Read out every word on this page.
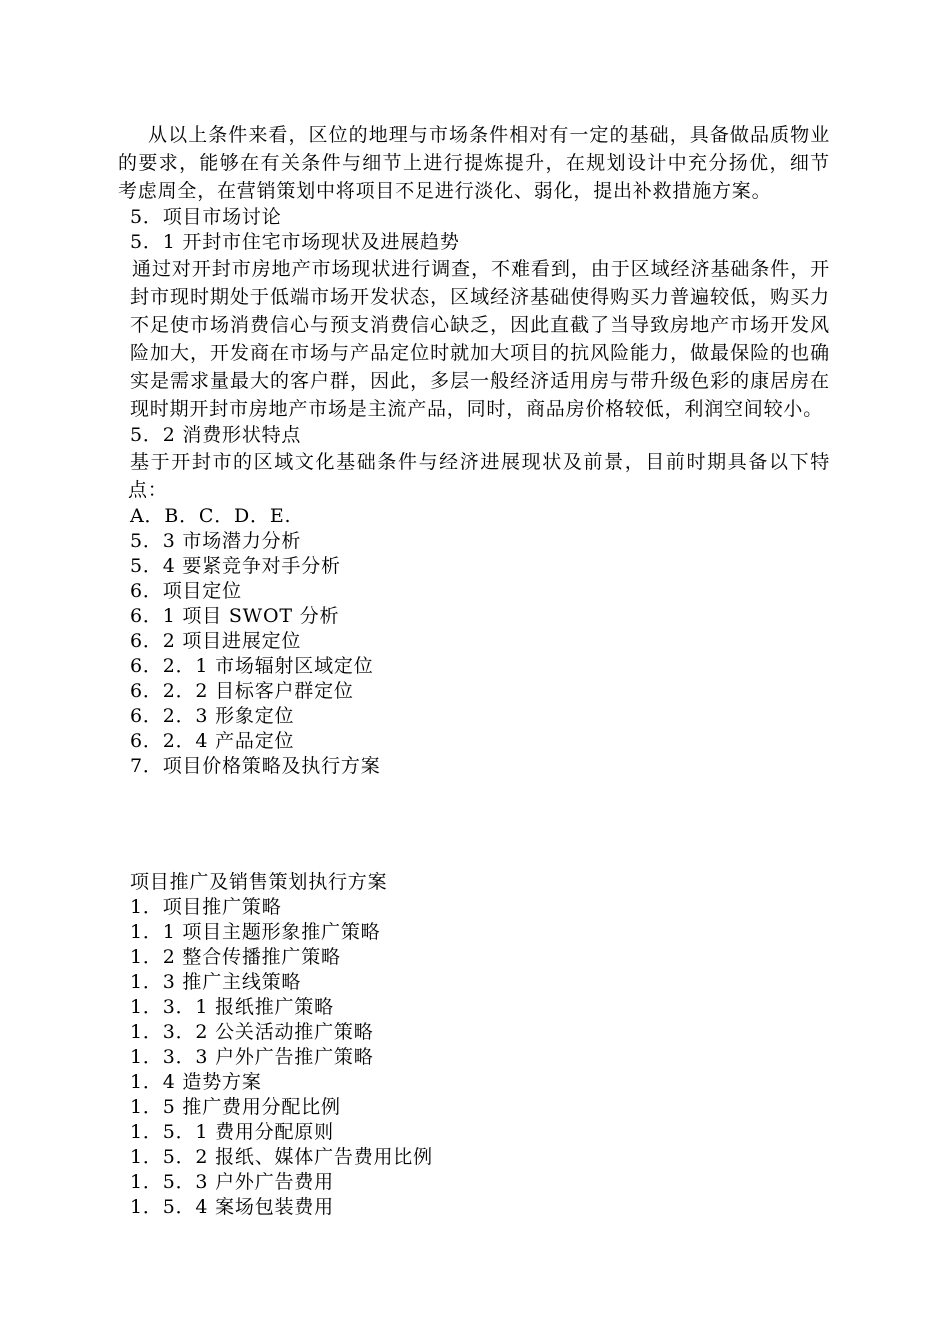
从以上条件来看，区位的地理与市场条件相对有一定的基础，具备做品质物业的要求，能够在有关条件与细节上进行提炼提升，在规划设计中充分扬优，细节考虑周全，在营销策划中将项目不足进行淡化、弱化，提出补救措施方案。

5．项目市场讨论

5．1 开封市住宅市场现状及进展趋势

通过对开封市房地产市场现状进行调查，不难看到，由于区域经济基础条件，开封市现时期处于低端市场开发状态，区域经济基础使得购买力普遍较低，购买力不足使市场消费信心与预支消费信心缺乏，因此直截了当导致房地产市场开发风险加大，开发商在市场与产品定位时就加大项目的抗风险能力，做最保险的也确实是需求量最大的客户群，因此，多层一般经济适用房与带升级色彩的康居房在现时期开封市房地产市场是主流产品，同时，商品房价格较低，利润空间较小。

5．2 消费形状特点

基于开封市的区域文化基础条件与经济进展现状及前景，目前时期具备以下特点：

A．B．C．D．E.

5．3 市场潜力分析

5．4 要紧竞争对手分析

6．项目定位

6．1 项目 SWOT 分析

6．2 项目进展定位

6．2．1 市场辐射区域定位

6．2．2 目标客户群定位

6．2．3 形象定位

6．2．4 产品定位

7．项目价格策略及执行方案

项目推广及销售策划执行方案

1．项目推广策略

1．1 项目主题形象推广策略

1．2 整合传播推广策略

1．3 推广主线策略

1．3．1 报纸推广策略

1．3．2 公关活动推广策略

1．3．3 户外广告推广策略

1．4 造势方案

1．5 推广费用分配比例

1．5．1 费用分配原则

1．5．2 报纸、媒体广告费用比例

1．5．3 户外广告费用

1．5．4 案场包装费用
